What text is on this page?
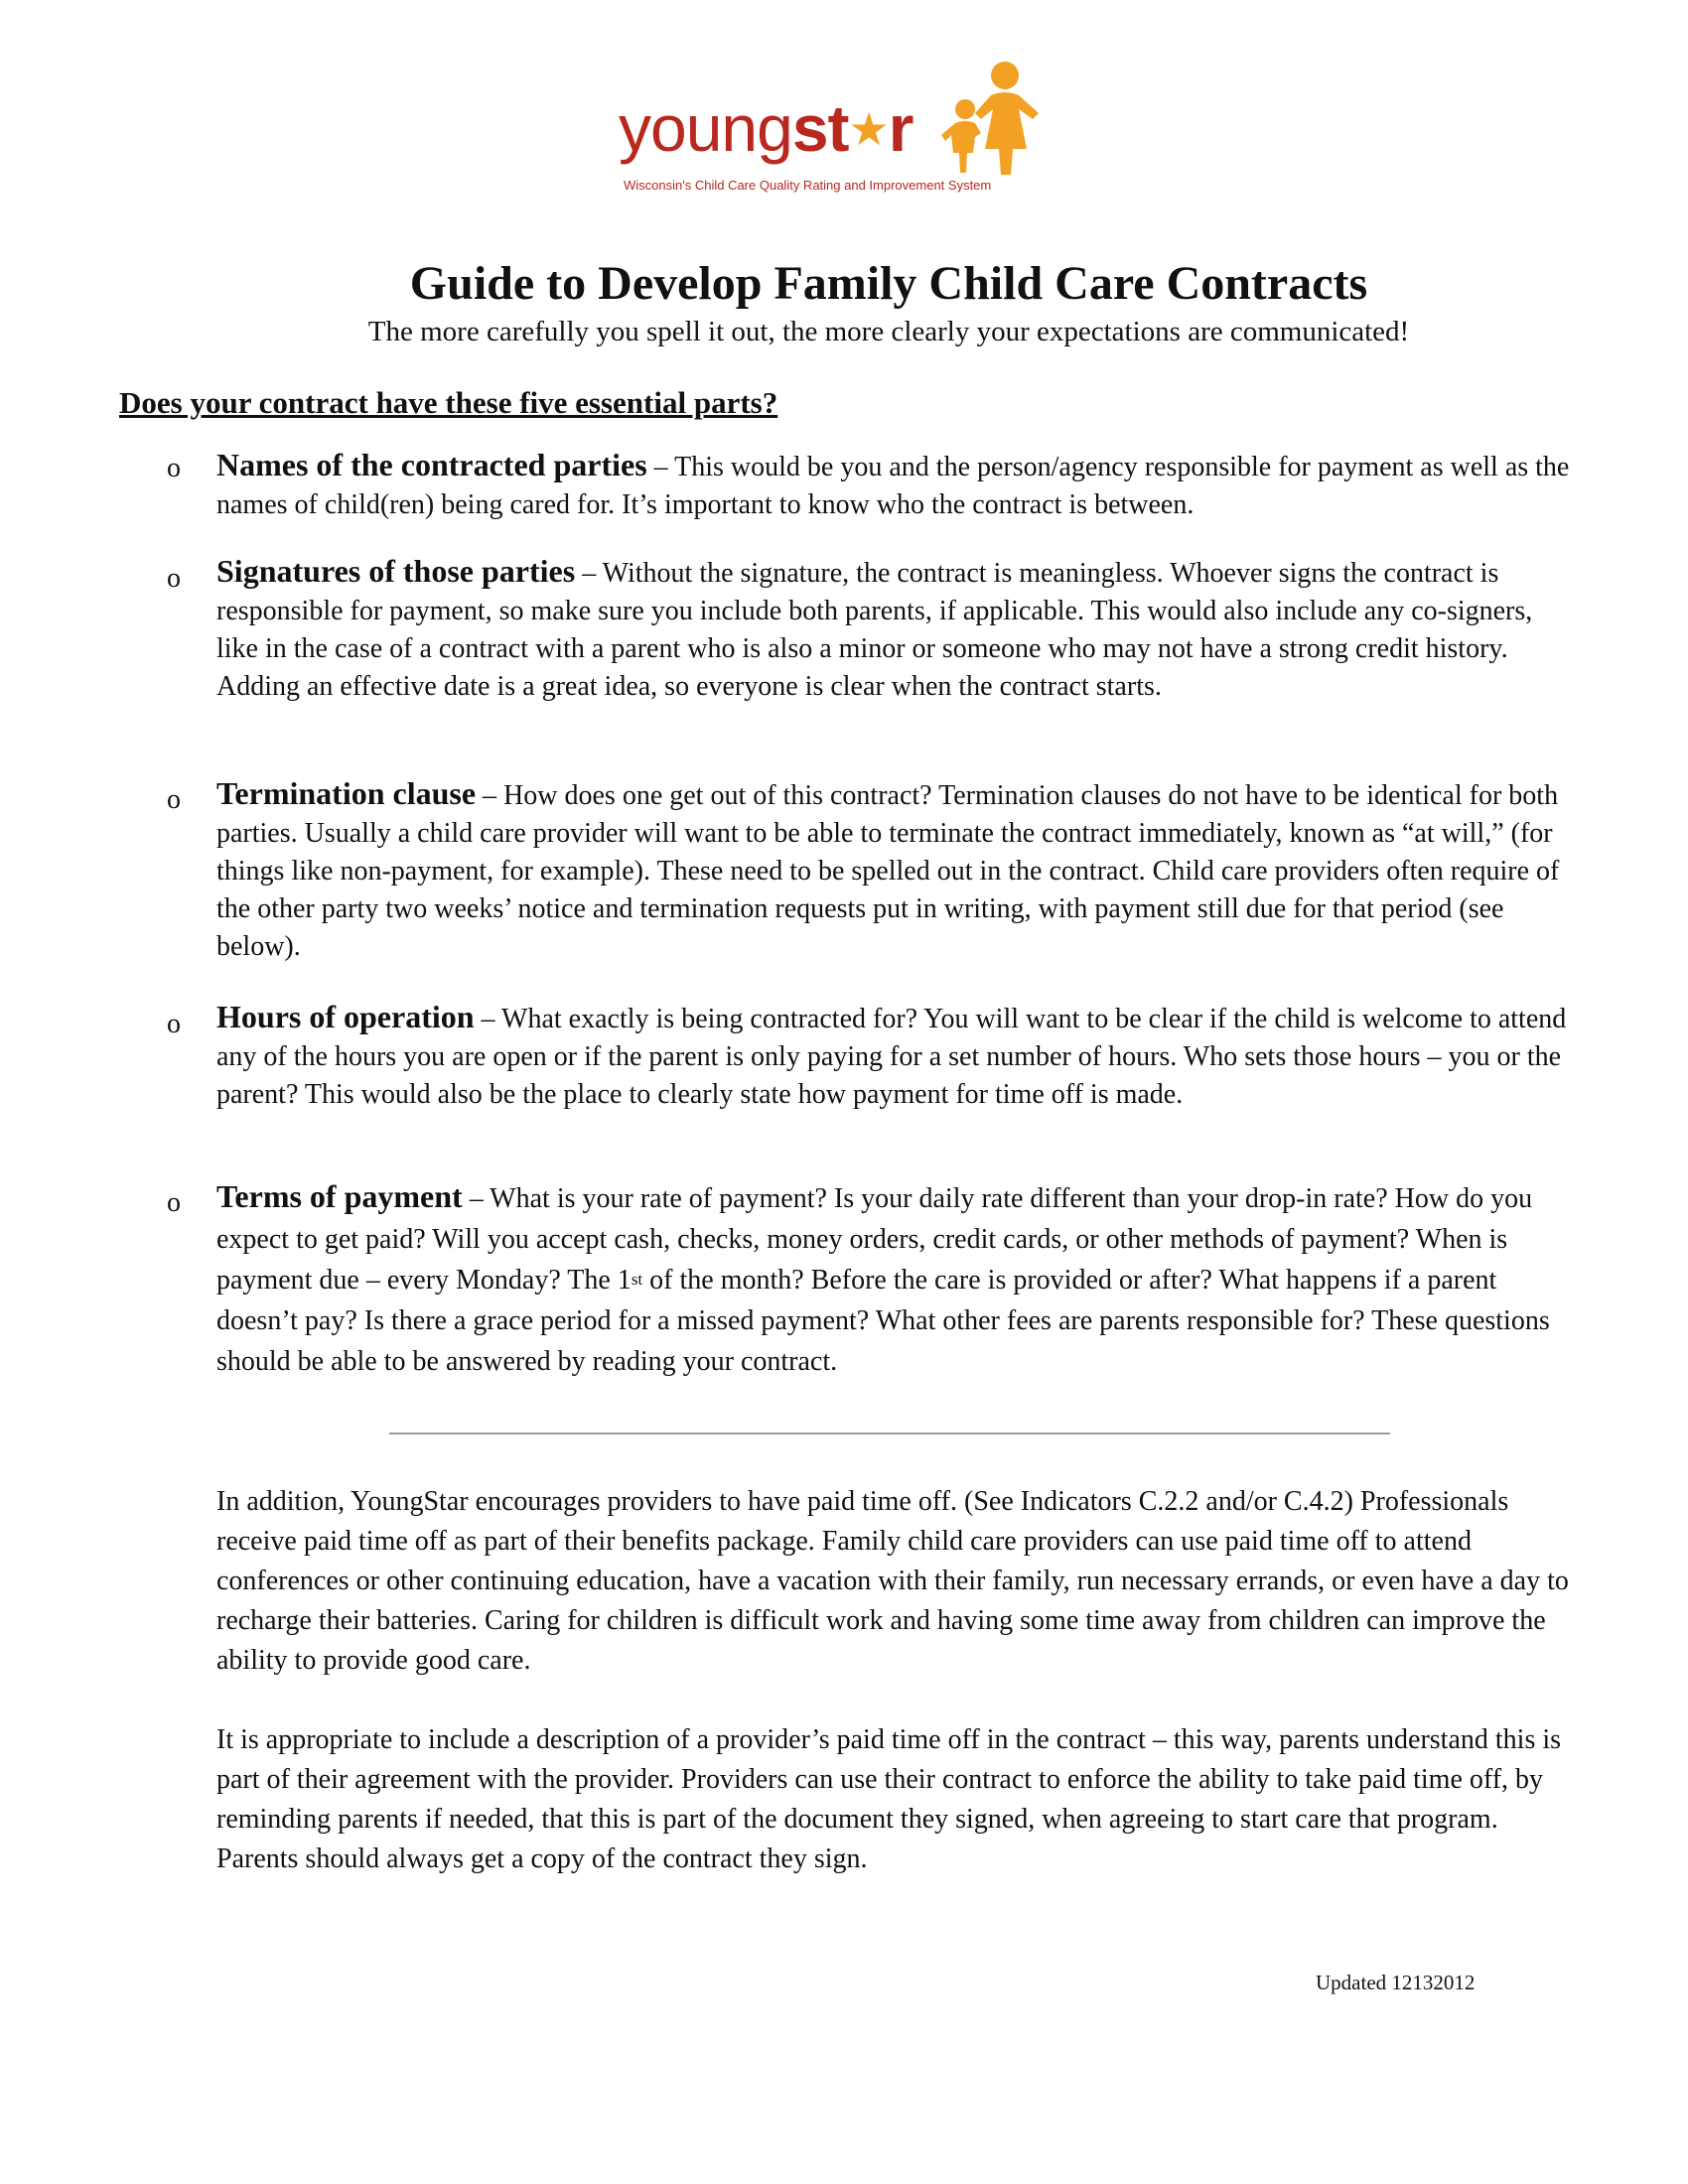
youngst★r
Wisconsin's Child Care Quality Rating and Improvement System
Guide to Develop Family Child Care Contracts
The more carefully you spell it out, the more clearly your expectations are communicated!
Does your contract have these five essential parts?
o Names of the contracted parties – This would be you and the person/agency responsible for payment as well as the names of child(ren) being cared for. It’s important to know who the contract is between.
o Signatures of those parties – Without the signature, the contract is meaningless. Whoever signs the contract is responsible for payment, so make sure you include both parents, if applicable. This would also include any co-signers, like in the case of a contract with a parent who is also a minor or someone who may not have a strong credit history. Adding an effective date is a great idea, so everyone is clear when the contract starts.
o Termination clause – How does one get out of this contract? Termination clauses do not have to be identical for both parties. Usually a child care provider will want to be able to terminate the contract immediately, known as “at will,” (for things like non-payment, for example). These need to be spelled out in the contract. Child care providers often require of the other party two weeks’ notice and termination requests put in writing, with payment still due for that period (see below).
o Hours of operation – What exactly is being contracted for? You will want to be clear if the child is welcome to attend any of the hours you are open or if the parent is only paying for a set number of hours. Who sets those hours – you or the parent? This would also be the place to clearly state how payment for time off is made.
o Terms of payment – What is your rate of payment? Is your daily rate different than your drop-in rate? How do you expect to get paid? Will you accept cash, checks, money orders, credit cards, or other methods of payment? When is payment due – every Monday? The 1st of the month? Before the care is provided or after? What happens if a parent doesn’t pay? Is there a grace period for a missed payment? What other fees are parents responsible for? These questions should be able to be answered by reading your contract.
In addition, YoungStar encourages providers to have paid time off. (See Indicators C.2.2 and/or C.4.2) Professionals receive paid time off as part of their benefits package. Family child care providers can use paid time off to attend conferences or other continuing education, have a vacation with their family, run necessary errands, or even have a day to recharge their batteries. Caring for children is difficult work and having some time away from children can improve the ability to provide good care.
It is appropriate to include a description of a provider’s paid time off in the contract – this way, parents understand this is part of their agreement with the provider. Providers can use their contract to enforce the ability to take paid time off, by reminding parents if needed, that this is part of the document they signed, when agreeing to start care that program. Parents should always get a copy of the contract they sign.
Updated 12132012
